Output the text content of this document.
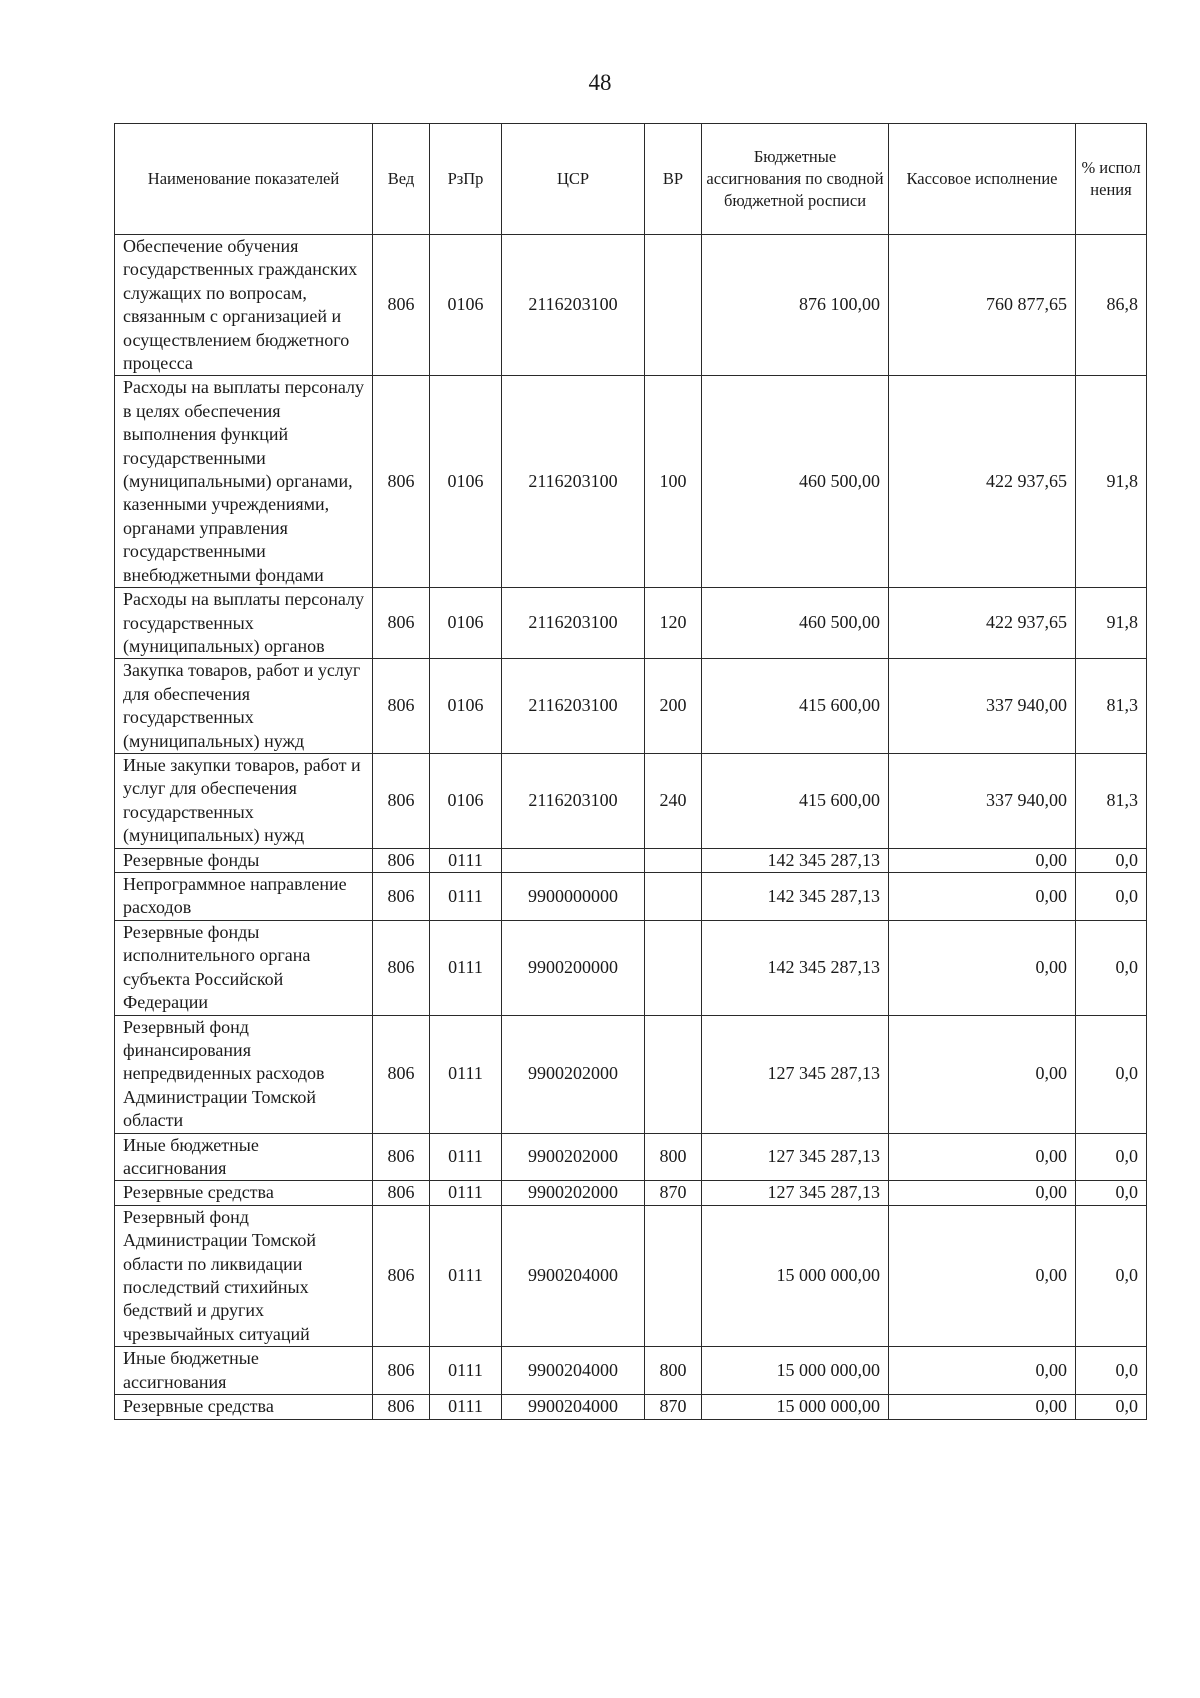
48
Наименование показателей	Вед	РзПр	ЦСР	ВР	Бюджетные ассигнования по сводной бюджетной росписи	Кассовое исполнение	% испол нения
Обеспечение обучения государственных гражданских служащих по вопросам, связанным с организацией и осуществлением бюджетного процесса	806	0106	2116203100		876 100,00	760 877,65	86,8
Расходы на выплаты персоналу в целях обеспечения выполнения функций государственными (муниципальными) органами, казенными учреждениями, органами управления государственными внебюджетными фондами	806	0106	2116203100	100	460 500,00	422 937,65	91,8
Расходы на выплаты персоналу государственных (муниципальных) органов	806	0106	2116203100	120	460 500,00	422 937,65	91,8
Закупка товаров, работ и услуг для обеспечения государственных (муниципальных) нужд	806	0106	2116203100	200	415 600,00	337 940,00	81,3
Иные закупки товаров, работ и услуг для обеспечения государственных (муниципальных) нужд	806	0106	2116203100	240	415 600,00	337 940,00	81,3
Резервные фонды	806	0111			142 345 287,13	0,00	0,0
Непрограммное направление расходов	806	0111	9900000000		142 345 287,13	0,00	0,0
Резервные фонды исполнительного органа субъекта Российской Федерации	806	0111	9900200000		142 345 287,13	0,00	0,0
Резервный фонд финансирования непредвиденных расходов Администрации Томской области	806	0111	9900202000		127 345 287,13	0,00	0,0
Иные бюджетные ассигнования	806	0111	9900202000	800	127 345 287,13	0,00	0,0
Резервные средства	806	0111	9900202000	870	127 345 287,13	0,00	0,0
Резервный фонд Администрации Томской области по ликвидации последствий стихийных бедствий и других чрезвычайных ситуаций	806	0111	9900204000		15 000 000,00	0,00	0,0
Иные бюджетные ассигнования	806	0111	9900204000	800	15 000 000,00	0,00	0,0
Резервные средства	806	0111	9900204000	870	15 000 000,00	0,00	0,0
